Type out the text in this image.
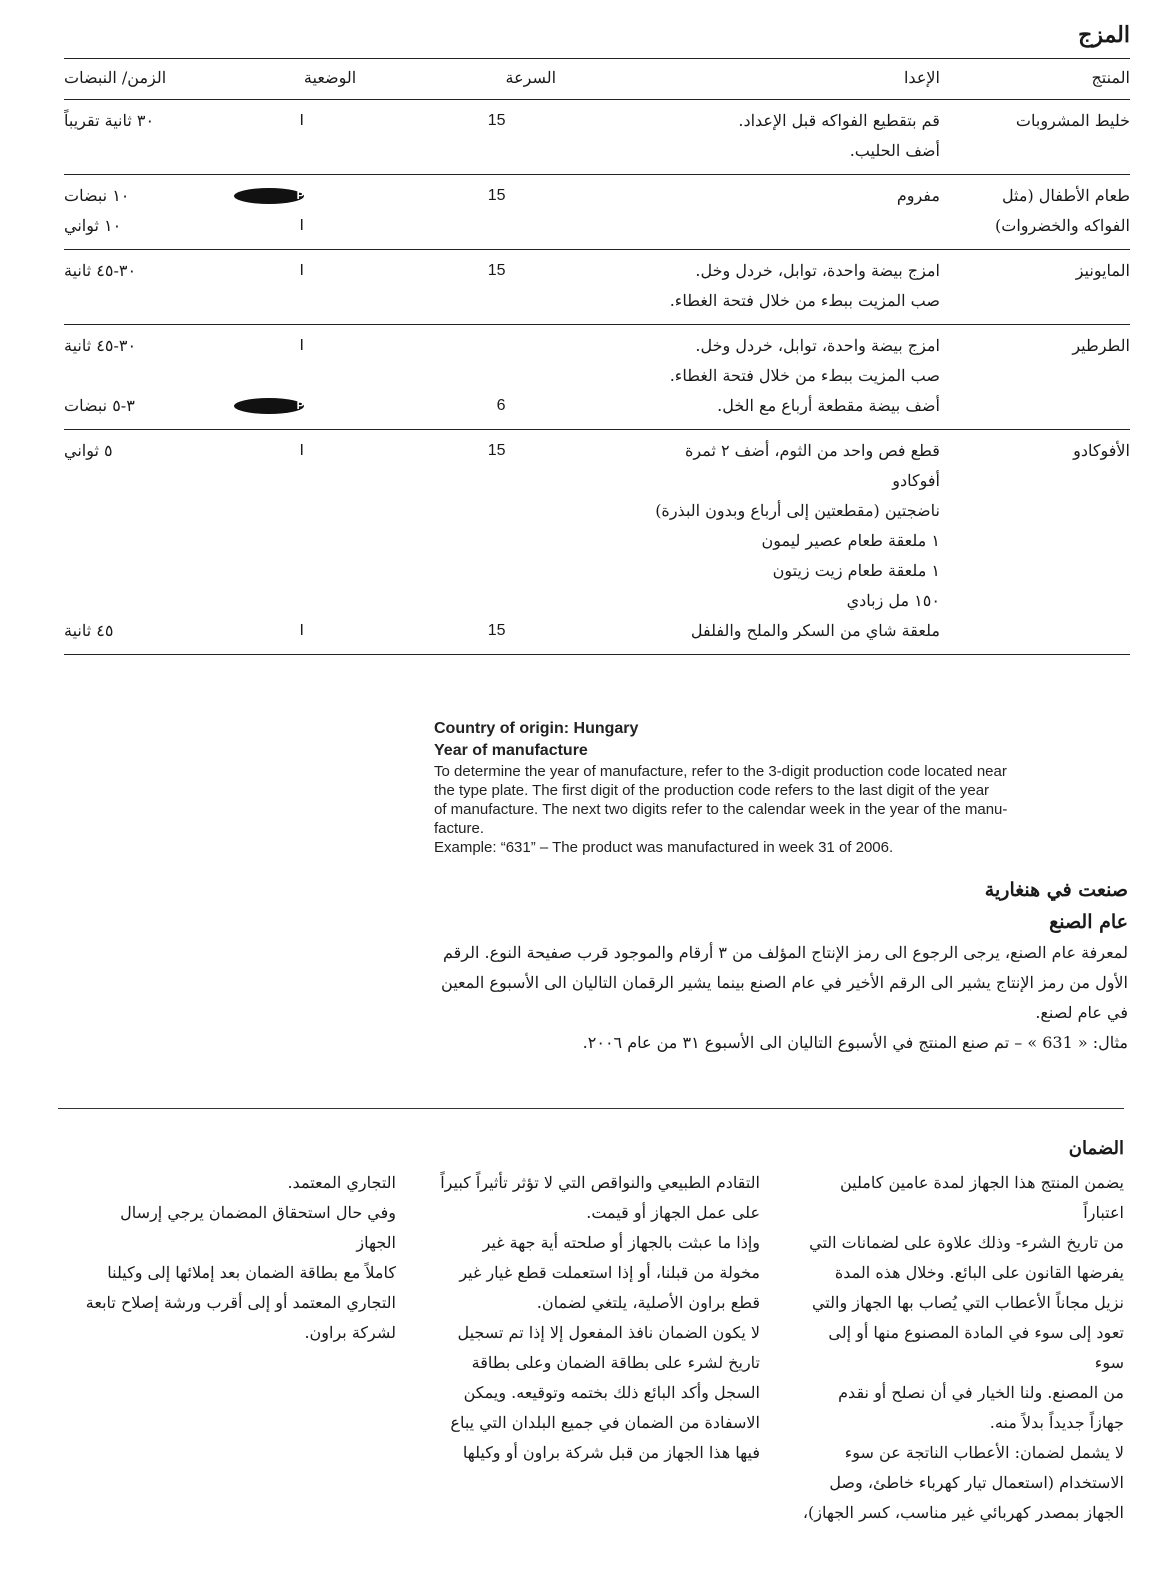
المزج
المنتج	الإعدا	السرعة	الوضعية	الزمن/ النبضات
خليط المشروبات	قم بتقطيع الفواكه قبل الإعداد.	15	I	٣٠ ثانية تقريباً
	أضف الحليب.			
طعام الأطفال (مثل	مفروم	15	P	١٠ نبضات
الفواكه والخضروات)			I	١٠ ثواني
المايونيز	امزج بيضة واحدة، توابل، خردل وخل.	15	I	٣٠-٤٥ ثانية
	صب المزيت ببطء من خلال فتحة الغطاء.			
الطرطير	امزج بيضة واحدة، توابل، خردل وخل.		I	٣٠-٤٥ ثانية
	صب المزيت ببطء من خلال فتحة الغطاء.			
	أضف بيضة مقطعة أرباع مع الخل.	6	P	٣-٥ نبضات
الأفوكادو	قطع فص واحد من الثوم، أضف ٢ ثمرة أفوكادو	15	I	٥ ثواني
	ناضجتين (مقطعتين إلى أرباع وبدون البذرة)			
	١ ملعقة طعام عصير ليمون			
	١ ملعقة طعام زيت زيتون			
	١٥٠ مل زبادي			
	ملعقة شاي من السكر والملح والفلفل	15	I	٤٥ ثانية

Country of origin: Hungary

Year of manufacture

To determine the year of manufacture, refer to the 3-digit production code located near

the type plate. The first digit of the production code refers to the last digit of the year

of manufacture. The next two digits refer to the calendar week in the year of the manu-

facture.

Example: “631” – The product was manufactured in week 31 of 2006.

صنعت في هنغارية

عام الصنع

لمعرفة عام الصنع، يرجى الرجوع الى رمز الإنتاج المؤلف من ٣ أرقام والموجود قرب صفيحة النوع. الرقم

الأول من رمز الإنتاج يشير الى الرقم الأخير في عام الصنع بينما يشير الرقمان التاليان الى الأسبوع المعين

في عام لصنع.

مثال: « 631 » – تم صنع المنتج في الأسبوع التاليان الى الأسبوع ٣١ من عام ٢٠٠٦.

الضمان

يضمن المنتج هذا الجهاز لمدة عامين كاملين اعتباراً

من تاريخ الشرء- وذلك علاوة على لضمانات التي

يفرضها القانون على البائع. وخلال هذه المدة

نزيل مجاناً الأعطاب التي يُصاب بها الجهاز والتي

تعود إلى سوء في المادة المصنوع منها أو إلى سوء

من المصنع. ولنا الخيار في أن نصلح أو نقدم

جهازاً جديداً بدلاً منه.

لا يشمل لضمان: الأعطاب الناتجة عن سوء

الاستخدام (استعمال تيار كهرباء خاطئ، وصل

الجهاز بمصدر كهربائي غير مناسب، كسر الجهاز)،

التقادم الطبيعي والنواقص التي لا تؤثر تأثيراً كبيراً

على عمل الجهاز أو قيمت.

وإذا ما عبثت بالجهاز أو صلحته أية جهة غير

مخولة من قبلنا، أو إذا استعملت قطع غيار غير

قطع براون الأصلية، يلتغي لضمان.

لا يكون الضمان نافذ المفعول إلا إذا تم تسجيل

تاريخ لشرء على بطاقة الضمان وعلى بطاقة

السجل وأكد البائع ذلك بختمه وتوقيعه. ويمكن

الاسفادة من الضمان في جميع البلدان التي يباع

فيها هذا الجهاز من قبل شركة براون أو وكيلها

التجاري المعتمد.

وفي حال استحقاق المضمان يرجي إرسال الجهاز

كاملاً مع بطاقة الضمان بعد إملائها إلى وكيلنا

التجاري المعتمد أو إلى أقرب ورشة إصلاح تابعة

لشركة براون.
